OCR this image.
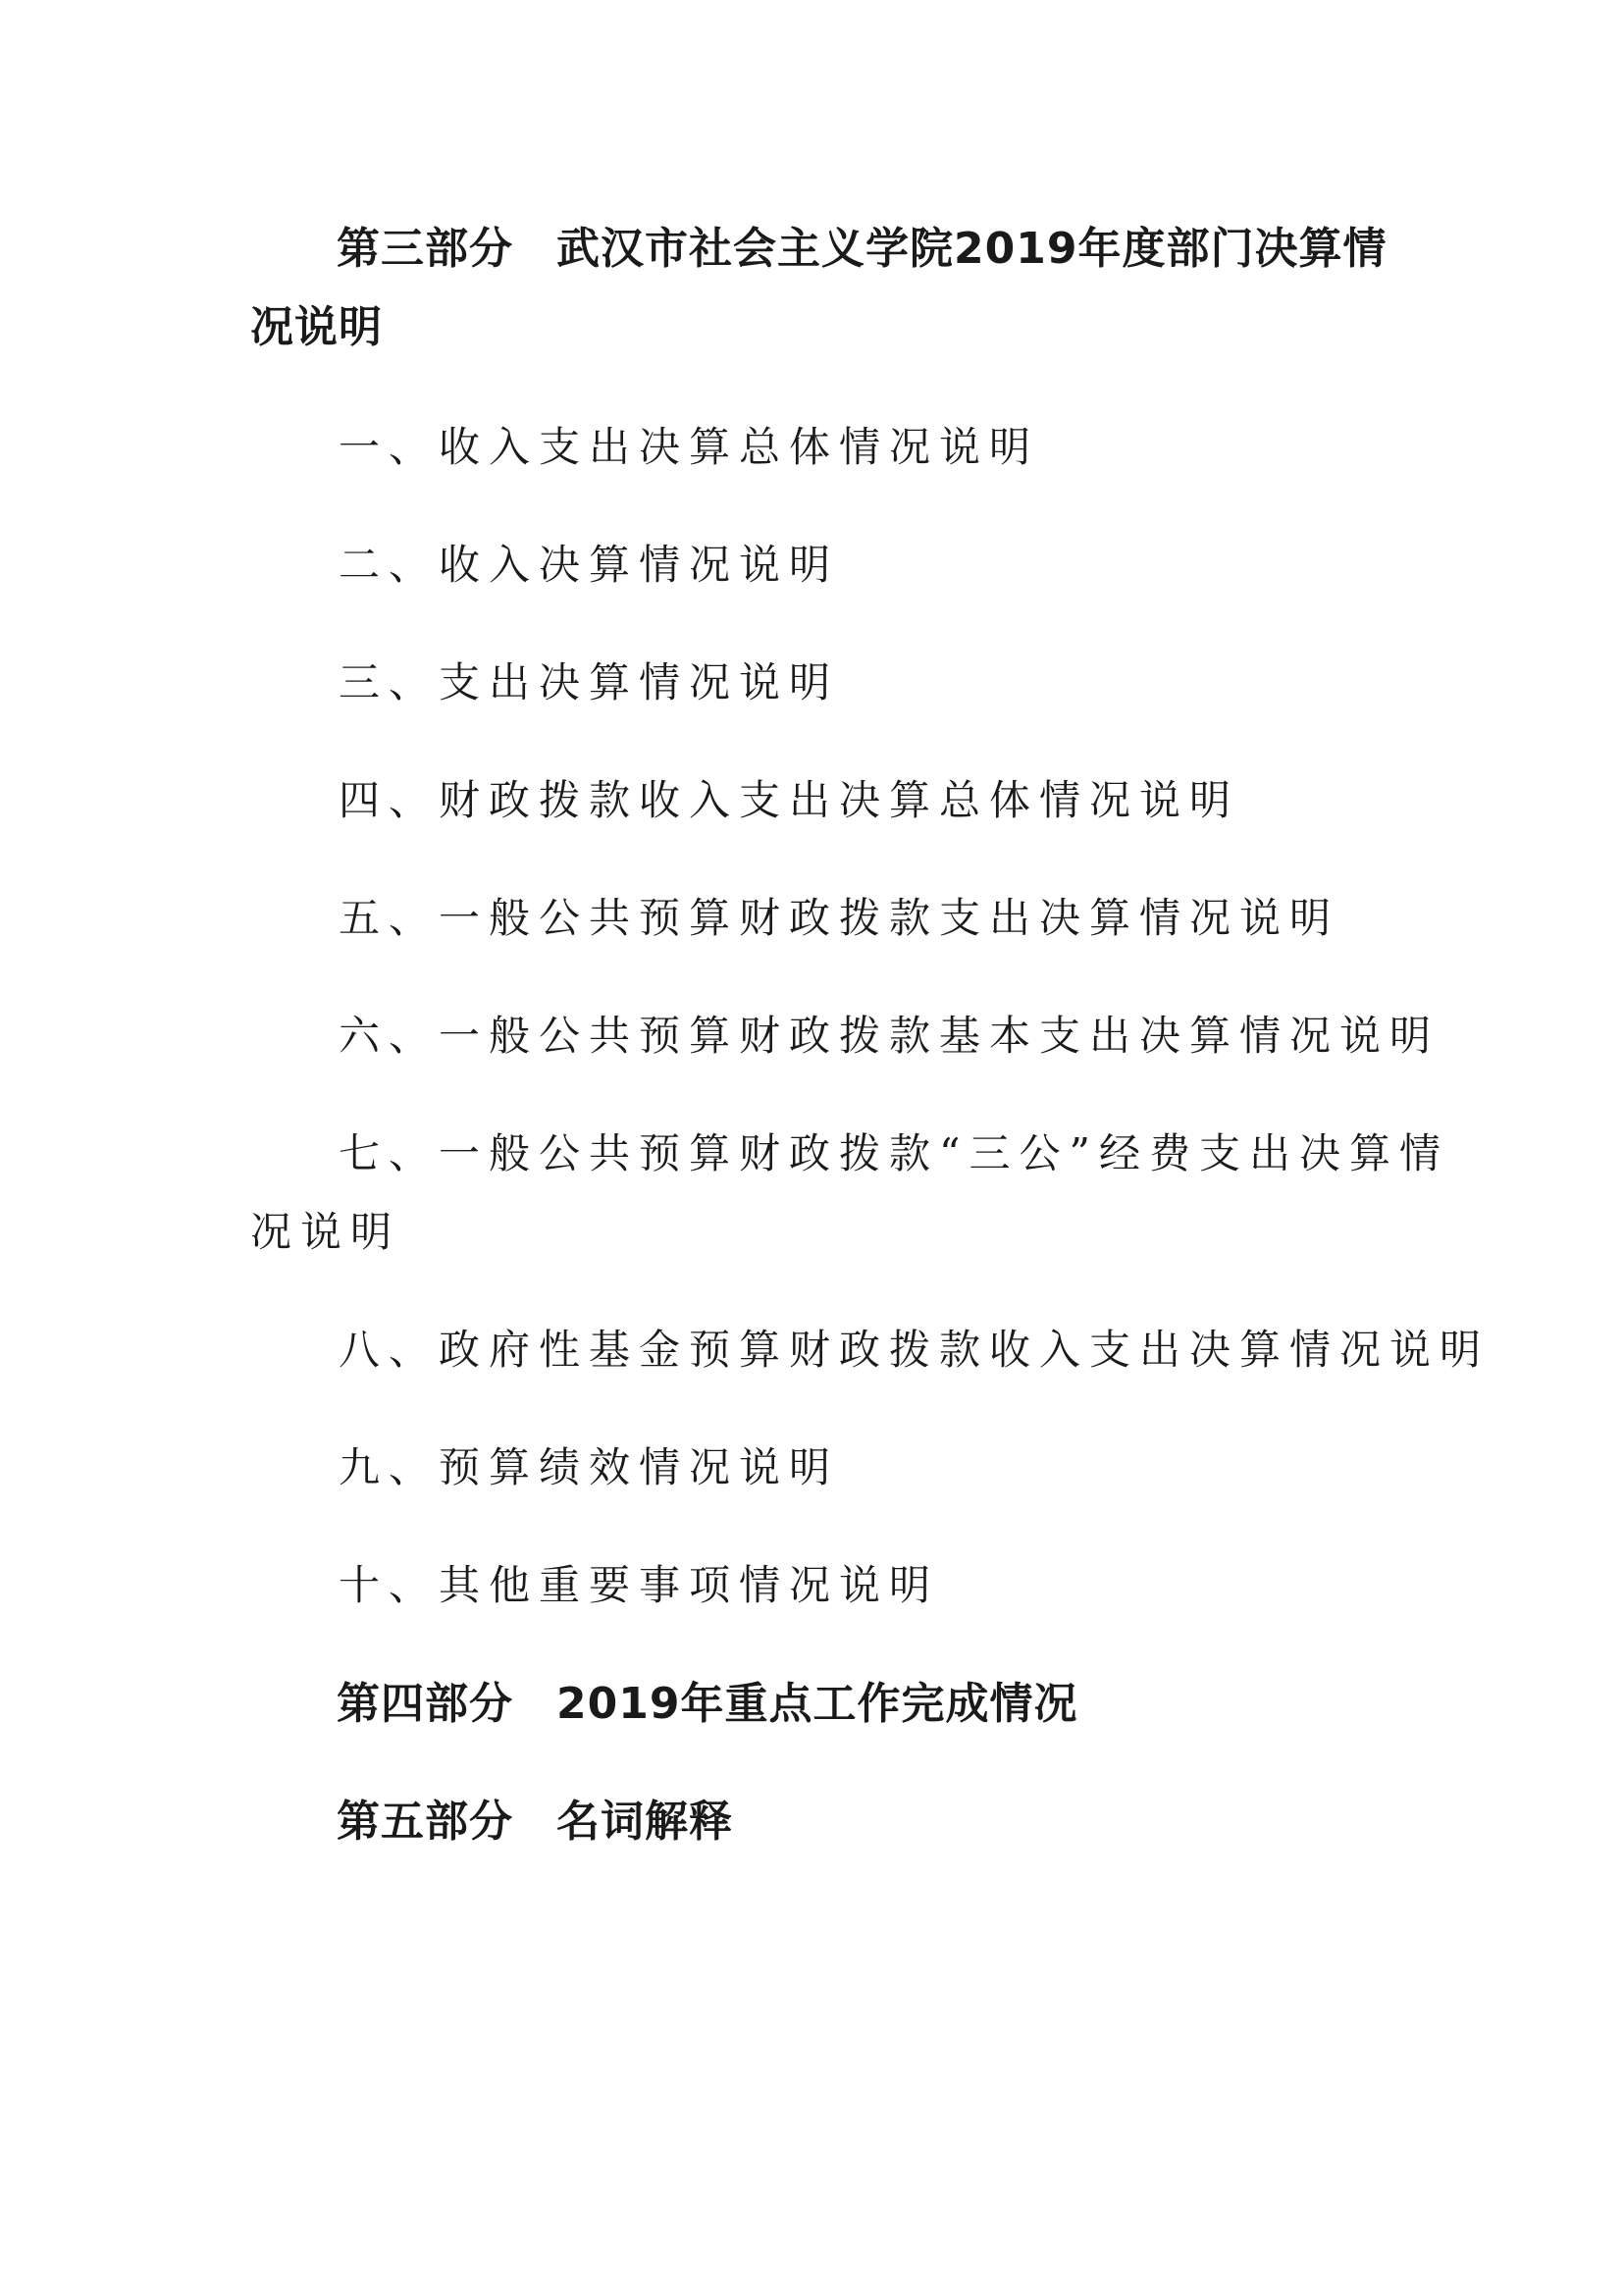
第三部分 武汉市社会主义学院2019年度部门决算情

况说明

一、收入支出决算总体情况说明

二、收入决算情况说明

三、支出决算情况说明

四、财政拨款收入支出决算总体情况说明

五、一般公共预算财政拨款支出决算情况说明

六、一般公共预算财政拨款基本支出决算情况说明

七、一般公共预算财政拨款“三公”经费支出决算情

况说明

八、政府性基金预算财政拨款收入支出决算情况说明

九、预算绩效情况说明

十、其他重要事项情况说明

第四部分 2019年重点工作完成情况

第五部分 名词解释
